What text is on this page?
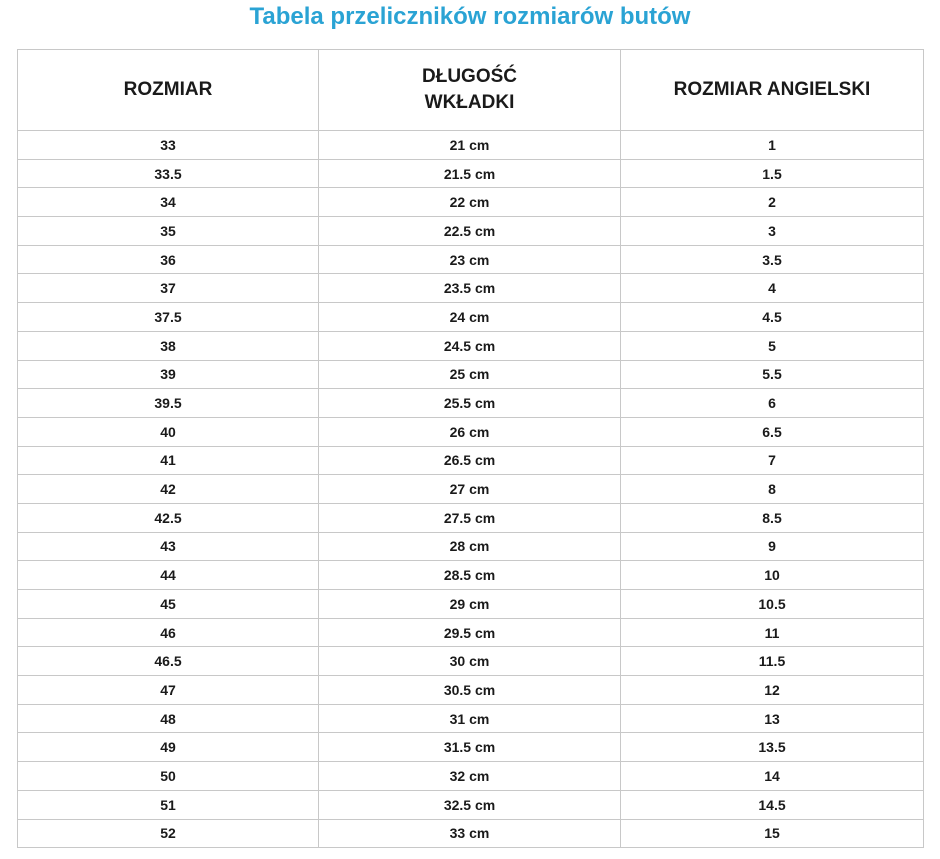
Tabela przeliczników rozmiarów butów
ROZMIAR	DŁUGOŚĆ WKŁADKI	ROZMIAR ANGIELSKI
33	21 cm	1
33.5	21.5 cm	1.5
34	22 cm	2
35	22.5 cm	3
36	23 cm	3.5
37	23.5 cm	4
37.5	24 cm	4.5
38	24.5 cm	5
39	25 cm	5.5
39.5	25.5 cm	6
40	26 cm	6.5
41	26.5 cm	7
42	27 cm	8
42.5	27.5 cm	8.5
43	28 cm	9
44	28.5 cm	10
45	29 cm	10.5
46	29.5 cm	11
46.5	30 cm	11.5
47	30.5 cm	12
48	31 cm	13
49	31.5 cm	13.5
50	32 cm	14
51	32.5 cm	14.5
52	33 cm	15
